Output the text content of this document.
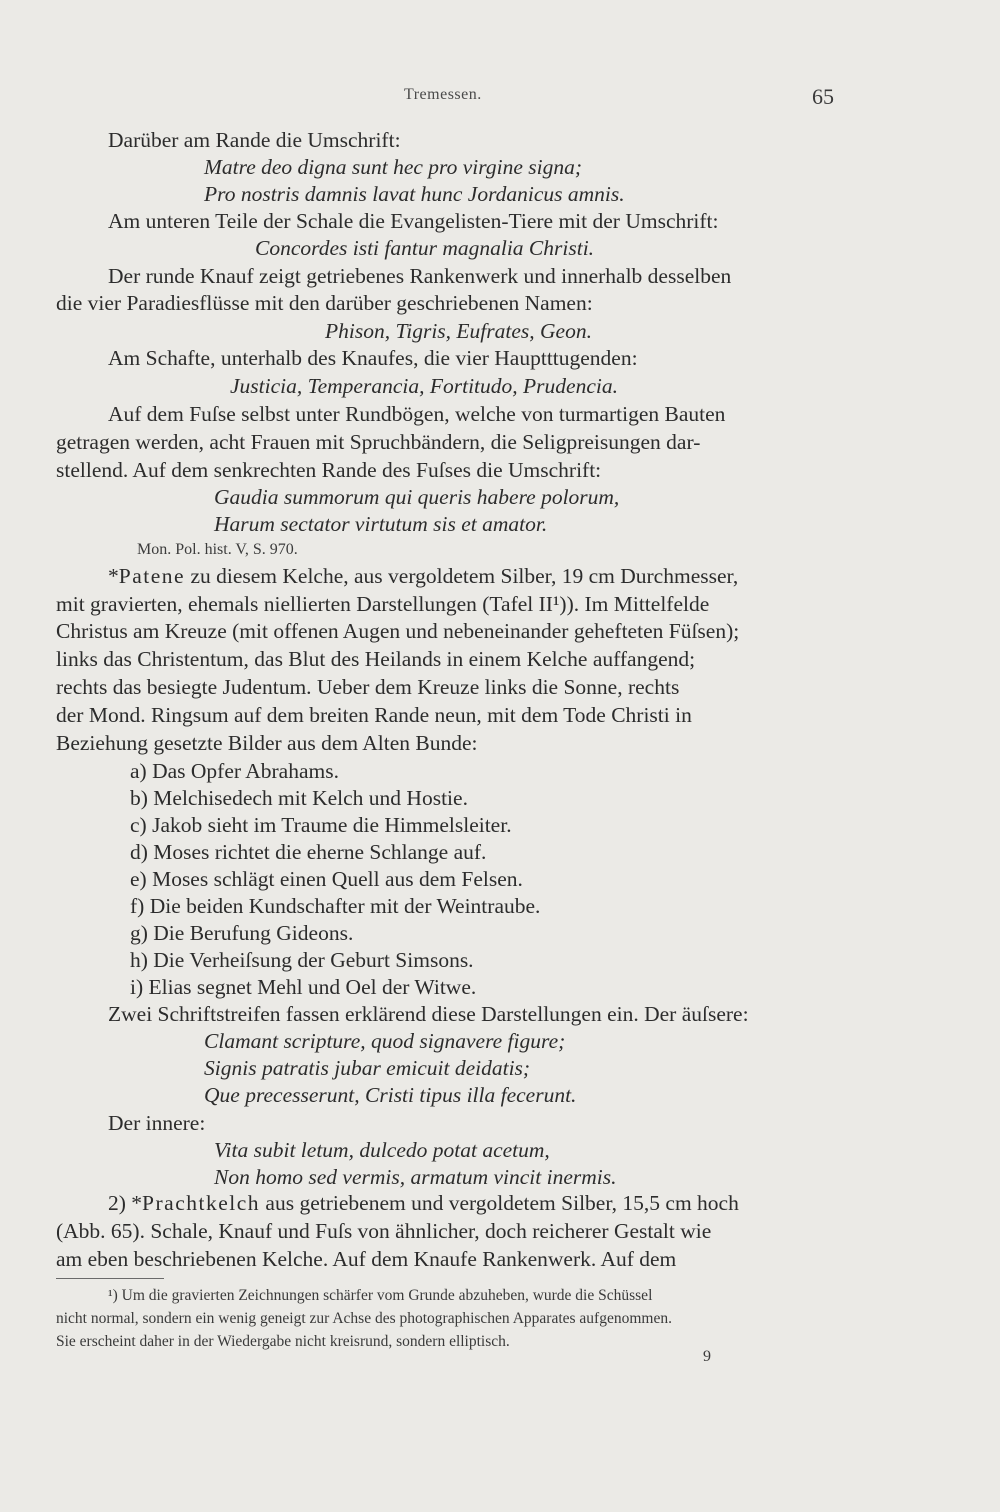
Tremessen.	65
Darüber am Rande die Umschrift:
Matre deo digna sunt hec pro virgine signa;
Pro nostris damnis lavat hunc Jordanicus amnis.
Am unteren Teile der Schale die Evangelisten-Tiere mit der Umschrift:
Concordes isti fantur magnalia Christi.
Der runde Knauf zeigt getriebenes Rankenwerk und innerhalb desselben
die vier Paradiesflüsse mit den darüber geschriebenen Namen:
Phison, Tigris, Eufrates, Geon.
Am Schafte, unterhalb des Knaufes, die vier Hauptttugenden:
Justicia, Temperancia, Fortitudo, Prudencia.
Auf dem Fuſse selbst unter Rundbögen, welche von turmartigen Bauten
getragen werden, acht Frauen mit Spruchbändern, die Seligpreisungen dar-
stellend. Auf dem senkrechten Rande des Fuſses die Umschrift:
Gaudia summorum qui queris habere polorum,
Harum sectator virtutum sis et amator.
Mon. Pol. hist. V, S. 970.
*Patene zu diesem Kelche, aus vergoldetem Silber, 19 cm Durchmesser,
mit gravierten, ehemals niellierten Darstellungen (Tafel II¹)). Im Mittelfelde
Christus am Kreuze (mit offenen Augen und nebeneinander gehefteten Füſsen);
links das Christentum, das Blut des Heilands in einem Kelche auffangend;
rechts das besiegte Judentum. Ueber dem Kreuze links die Sonne, rechts
der Mond. Ringsum auf dem breiten Rande neun, mit dem Tode Christi in
Beziehung gesetzte Bilder aus dem Alten Bunde:
a) Das Opfer Abrahams.
b) Melchisedech mit Kelch und Hostie.
c) Jakob sieht im Traume die Himmelsleiter.
d) Moses richtet die eherne Schlange auf.
e) Moses schlägt einen Quell aus dem Felsen.
f) Die beiden Kundschafter mit der Weintraube.
g) Die Berufung Gideons.
h) Die Verheiſsung der Geburt Simsons.
i) Elias segnet Mehl und Oel der Witwe.
Zwei Schriftstreifen fassen erklärend diese Darstellungen ein. Der äuſsere:
Clamant scripture, quod signavere figure;
Signis patratis jubar emicuit deidatis;
Que precesserunt, Cristi tipus illa fecerunt.
Der innere:
Vita subit letum, dulcedo potat acetum,
Non homo sed vermis, armatum vincit inermis.
2) *Prachtkelch aus getriebenem und vergoldetem Silber, 15,5 cm hoch
(Abb. 65). Schale, Knauf und Fuſs von ähnlicher, doch reicherer Gestalt wie
am eben beschriebenen Kelche. Auf dem Knaufe Rankenwerk. Auf dem
¹) Um die gravierten Zeichnungen schärfer vom Grunde abzuheben, wurde die Schüssel
nicht normal, sondern ein wenig geneigt zur Achse des photographischen Apparates aufgenommen.
Sie erscheint daher in der Wiedergabe nicht kreisrund, sondern elliptisch.
9
